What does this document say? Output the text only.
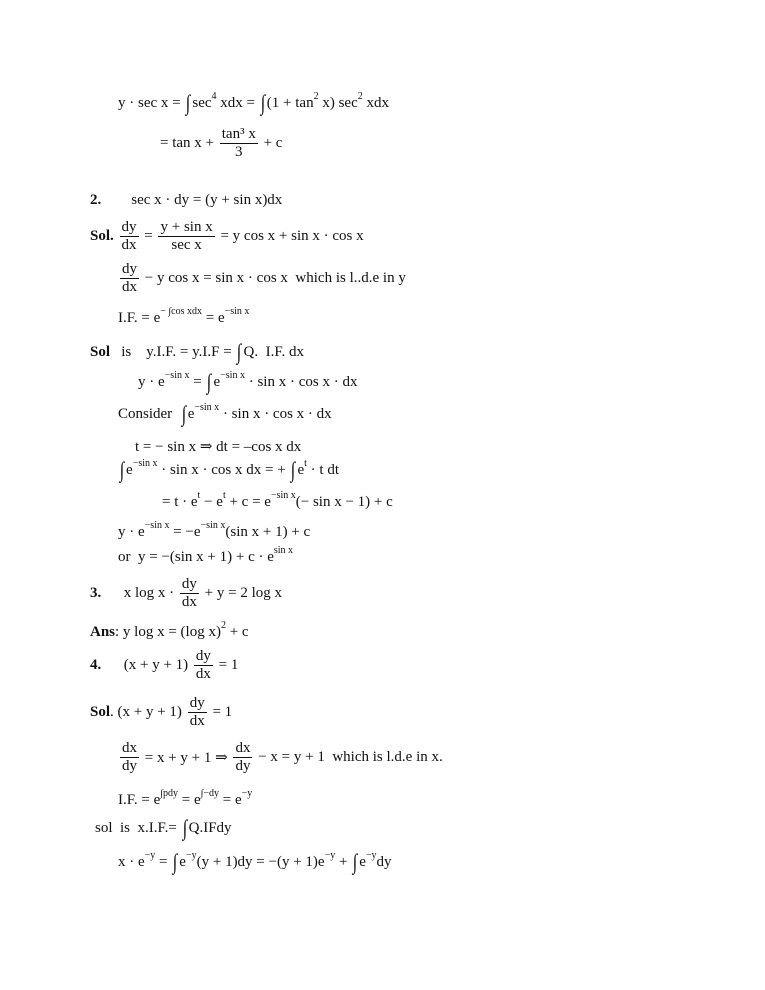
y · sec x = ∫ sec 4 xdx = ∫ (1 + tan 2 x) sec 2 xdx
= $\tan x + \frac{\text{tan³ x}}{3} + c$
2. sec x · dy = (y + sin x)dx
Sol. $\frac{dy}{dx} = \frac{\text{y + sin x}}{\text{sec x}} = y$ cos x + sin x · cos x
$\frac{dy}{dx} - y$ cos x = sin x · cos x  which is l..d.e in y
I.F. = e − ∫cos xdx = e −sin x
Sol is    y.I.F. = y.I.F = ∫ Q.  I.F. dx
y · e −sin x = ∫ e −sin x · sin x · cos x · dx
Consider ∫ e −sin x · sin x · cos x · dx
t = − sin x ⇒ dt = –cos x dx
∫ e −sin x · sin x · cos x dx = + ∫ e t · t dt
= t · e t − e t + c = e −sin x (− sin x − 1) + c
y · e −sin x = −e −sin x (sin x + 1) + c
or  y = −(sin x + 1) + c · e sin x
3. x $\log x \cdot \frac{dy}{dx} + y = 2$ log x
Ans : y log x = (log x) 2 + c
4. $(x + y + 1) \frac{dy}{dx} = 1$
Sol . $(x + y + 1) \frac{dy}{dx} = 1$
$\frac{dx}{dy} = x + y + 1$ ⇒ $\frac{dx}{dy} - x = y + 1$  which is l.d.e in x.
I.F. = e ∫pdy = e ∫−dy = e −y
sol  is  x.I.F.= ∫ Q.IFdy
x · e −y = ∫ e −y (y + 1)dy = −(y + 1)e −y + ∫ e −y dy
